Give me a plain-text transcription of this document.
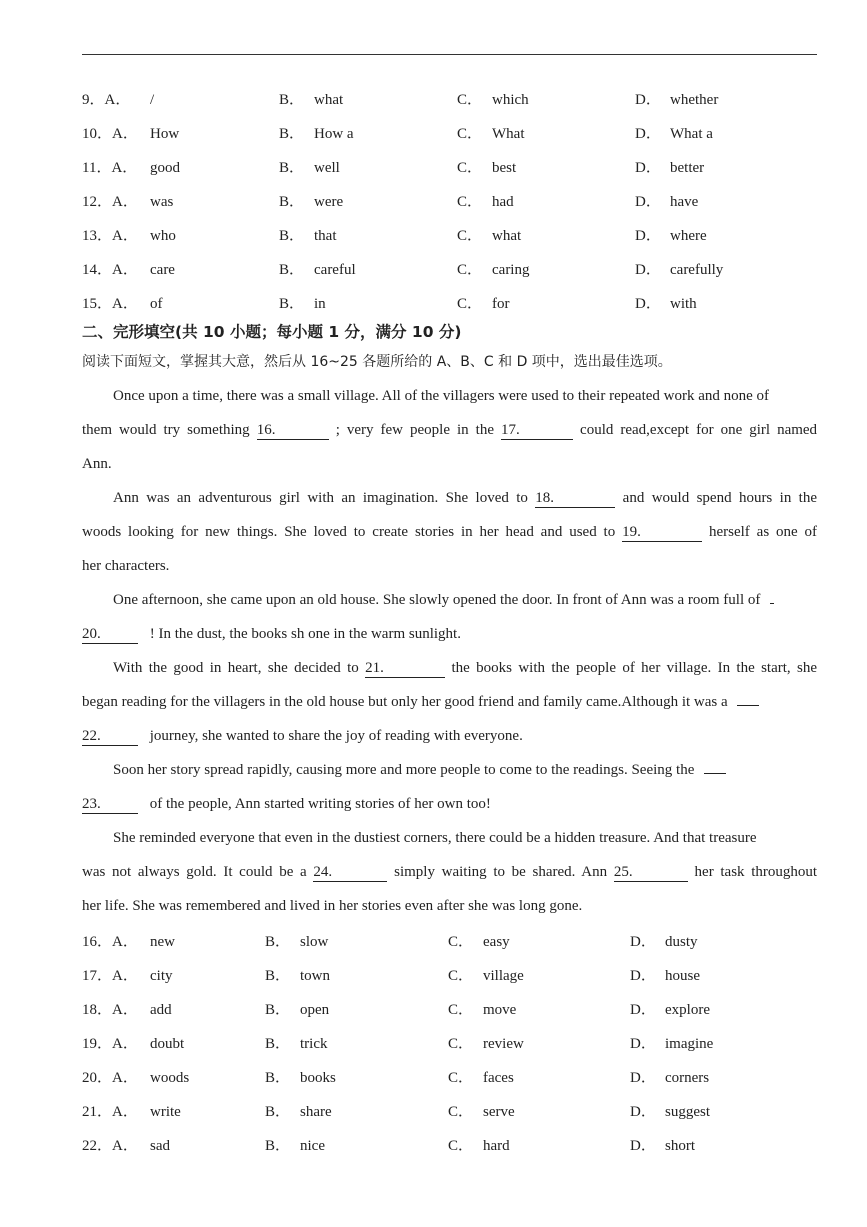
9．A． /	B． what	C． which	D． whether
10．A． How	B． How a	C． What	D． What a
11．A． good	B． well	C． best	D． better
12．A． was	B． were	C． had	D． have
13．A． who	B． that	C． what	D． where
14．A． care	B． careful	C． caring	D． carefully
15．A． of	B． in	C． for	D． with
二、完形填空(共 10 小题；每小题 1 分，满分 10 分)
阅读下面短文，掌握其大意，然后从 16~25 各题所给的 A、B、C 和 D 项中，选出最佳选项。
Once upon a time, there was a small village. All of the villagers were used to their repeated work and none of
them would try something 16.	; very few people in the 17.	could read,except for one girl named
Ann.
Ann was an adventurous girl with an imagination. She loved to 18.	and would spend hours in the
woods looking for new things. She loved to create stories in her head and used to 19.	herself as one of
her characters.
One afternoon, she came upon an old house. She slowly opened the door. In front of Ann was a room full of
20.	! In the dust, the books sh one in the warm sunlight.
With the good in heart, she decided to 21.	the books with the people of her village. In the start, she
began reading for the villagers in the old house but only her good friend and family came.Although it was a
22.	journey, she wanted to share the joy of reading with everyone.
Soon her story spread rapidly, causing more and more people to come to the readings. Seeing the
23.	of the people, Ann started writing stories of her own too!
She reminded everyone that even in the dustiest corners, there could be a hidden treasure. And that treasure
was not always gold. It could be a 24.	simply waiting to be shared. Ann 25.	her task throughout
her life. She was remembered and lived in her stories even after she was long gone.
16．A． new	B． slow	C． easy	D． dusty
17．A． city	B． town	C． village	D． house
18．A． add	B． open	C． move	D． explore
19．A． doubt	B． trick	C． review	D． imagine
20．A． woods	B． books	C． faces	D． corners
21．A． write	B． share	C． serve	D． suggest
22．A． sad	B． nice	C． hard	D． short
